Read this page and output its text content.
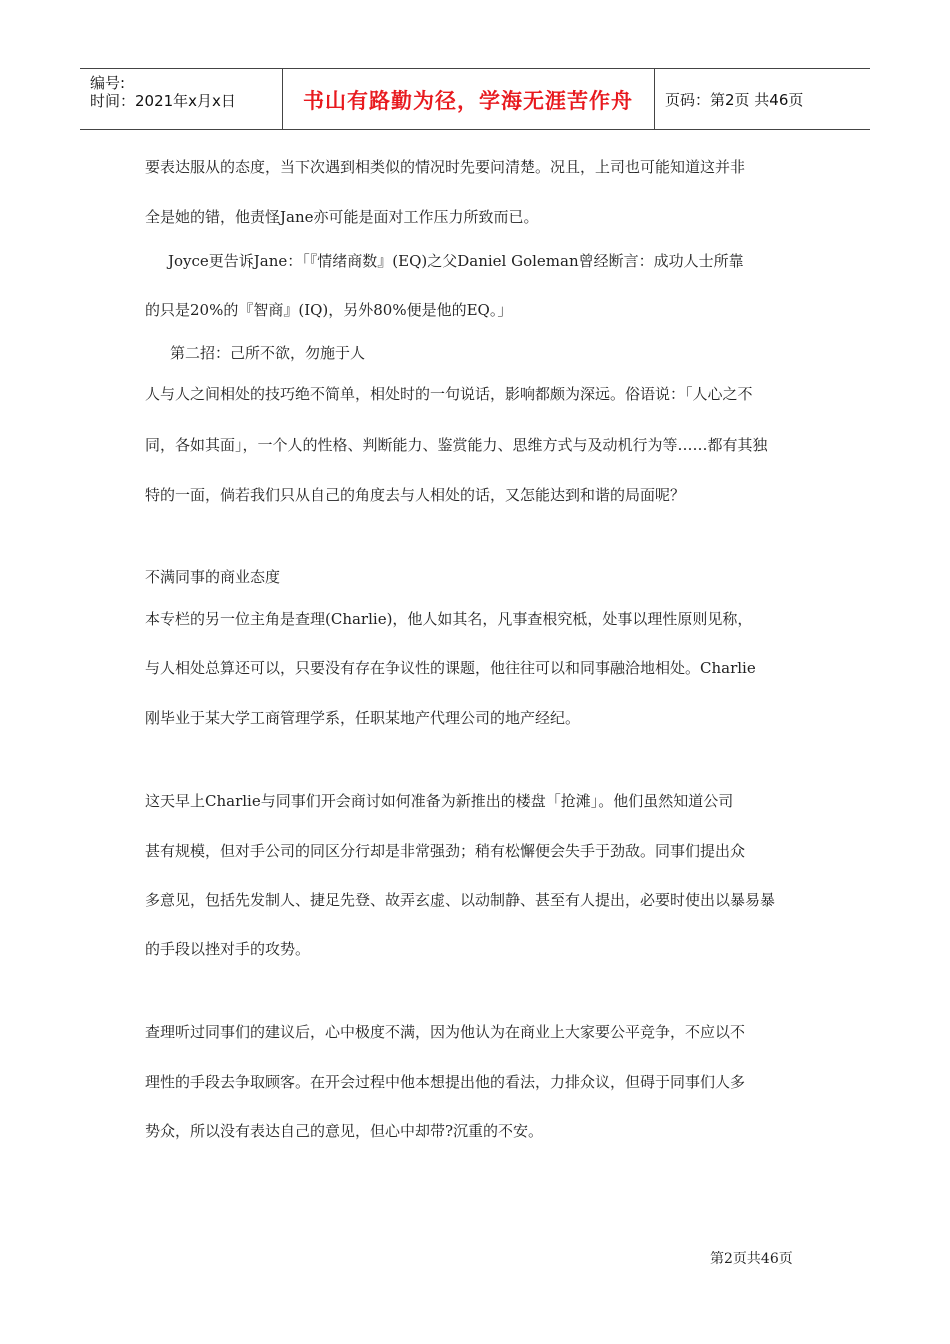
编号:
时间：2021年x月x日	书山有路勤为径，学海无涯苦作舟	页码：第2页 共46页
要表达服从的态度，当下次遇到相类似的情况时先要问清楚。况且，上司也可能知道这并非
全是她的错，他责怪Jane亦可能是面对工作压力所致而已。
Joyce更告诉Jane：「『情绪商数』(EQ)之父Daniel Goleman曾经断言：成功人士所靠
的只是20%的『智商』(IQ)，另外80%便是他的EQ。」
第二招：己所不欲，勿施于人
人与人之间相处的技巧绝不简单，相处时的一句说话，影响都颇为深远。俗语说：「人心之不
同，各如其面」，一个人的性格、判断能力、鉴赏能力、思维方式与及动机行为等……都有其独
特的一面，倘若我们只从自己的角度去与人相处的话，又怎能达到和谐的局面呢？
不满同事的商业态度
本专栏的另一位主角是查理(Charlie)，他人如其名，凡事查根究柢，处事以理性原则见称，
与人相处总算还可以，只要没有存在争议性的课题，他往往可以和同事融洽地相处。Charlie
刚毕业于某大学工商管理学系，任职某地产代理公司的地产经纪。
这天早上Charlie与同事们开会商讨如何准备为新推出的楼盘「抢滩」。他们虽然知道公司
甚有规模，但对手公司的同区分行却是非常强劲；稍有松懈便会失手于劲敌。同事们提出众
多意见，包括先发制人、捷足先登、故弄玄虚、以动制静、甚至有人提出，必要时使出以暴易暴
的手段以挫对手的攻势。
查理听过同事们的建议后，心中极度不满，因为他认为在商业上大家要公平竞争，不应以不
理性的手段去争取顾客。在开会过程中他本想提出他的看法，力排众议，但碍于同事们人多
势众，所以没有表达自己的意见，但心中却带?沉重的不安。
第2页共46页
